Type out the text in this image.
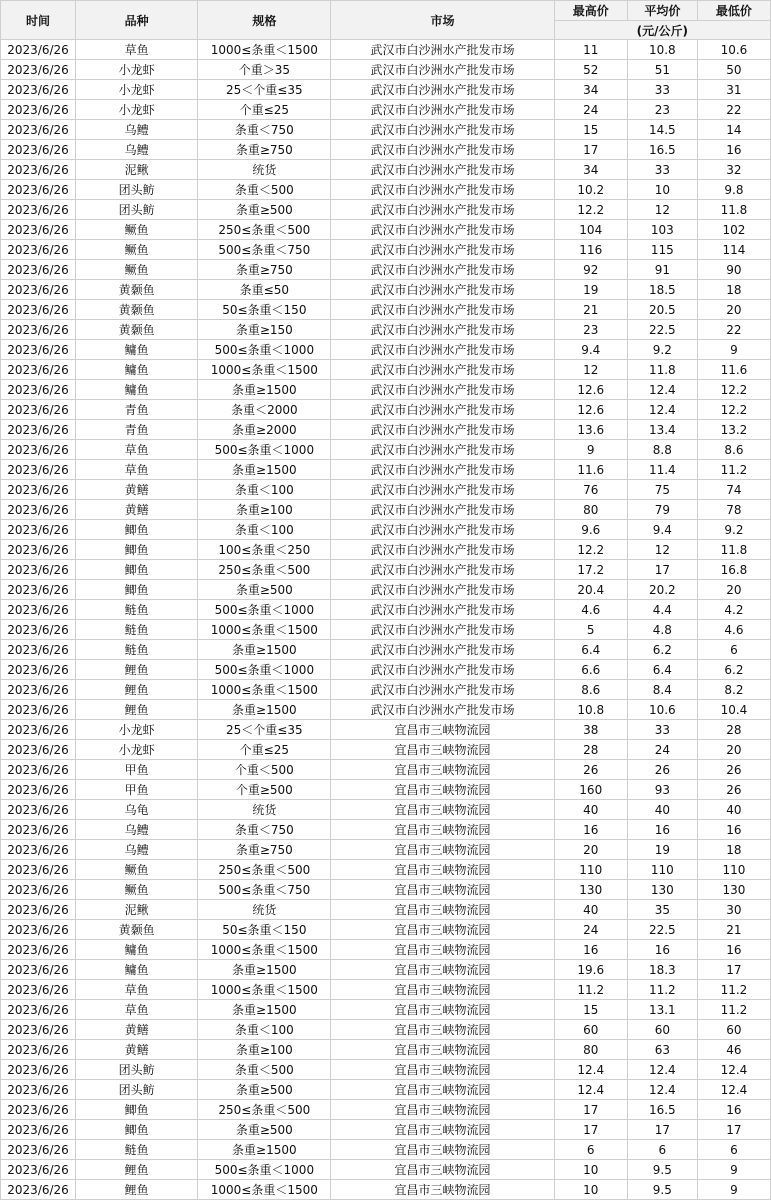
时间	品种	规格	市场	最高价	平均价	最低价
				(元/公斤)		
2023/6/26	草鱼	1000≤条重＜1500	武汉市白沙洲水产批发市场	11	10.8	10.6
2023/6/26	小龙虾	个重＞35	武汉市白沙洲水产批发市场	52	51	50
2023/6/26	小龙虾	25＜个重≤35	武汉市白沙洲水产批发市场	34	33	31
2023/6/26	小龙虾	个重≤25	武汉市白沙洲水产批发市场	24	23	22
2023/6/26	乌鳢	条重＜750	武汉市白沙洲水产批发市场	15	14.5	14
2023/6/26	乌鳢	条重≥750	武汉市白沙洲水产批发市场	17	16.5	16
2023/6/26	泥鳅	统货	武汉市白沙洲水产批发市场	34	33	32
2023/6/26	团头鲂	条重＜500	武汉市白沙洲水产批发市场	10.2	10	9.8
2023/6/26	团头鲂	条重≥500	武汉市白沙洲水产批发市场	12.2	12	11.8
2023/6/26	鳜鱼	250≤条重＜500	武汉市白沙洲水产批发市场	104	103	102
2023/6/26	鳜鱼	500≤条重＜750	武汉市白沙洲水产批发市场	116	115	114
2023/6/26	鳜鱼	条重≥750	武汉市白沙洲水产批发市场	92	91	90
2023/6/26	黄颡鱼	条重≤50	武汉市白沙洲水产批发市场	19	18.5	18
2023/6/26	黄颡鱼	50≤条重＜150	武汉市白沙洲水产批发市场	21	20.5	20
2023/6/26	黄颡鱼	条重≥150	武汉市白沙洲水产批发市场	23	22.5	22
2023/6/26	鳙鱼	500≤条重＜1000	武汉市白沙洲水产批发市场	9.4	9.2	9
2023/6/26	鳙鱼	1000≤条重＜1500	武汉市白沙洲水产批发市场	12	11.8	11.6
2023/6/26	鳙鱼	条重≥1500	武汉市白沙洲水产批发市场	12.6	12.4	12.2
2023/6/26	青鱼	条重＜2000	武汉市白沙洲水产批发市场	12.6	12.4	12.2
2023/6/26	青鱼	条重≥2000	武汉市白沙洲水产批发市场	13.6	13.4	13.2
2023/6/26	草鱼	500≤条重＜1000	武汉市白沙洲水产批发市场	9	8.8	8.6
2023/6/26	草鱼	条重≥1500	武汉市白沙洲水产批发市场	11.6	11.4	11.2
2023/6/26	黄鳝	条重＜100	武汉市白沙洲水产批发市场	76	75	74
2023/6/26	黄鳝	条重≥100	武汉市白沙洲水产批发市场	80	79	78
2023/6/26	鲫鱼	条重＜100	武汉市白沙洲水产批发市场	9.6	9.4	9.2
2023/6/26	鲫鱼	100≤条重＜250	武汉市白沙洲水产批发市场	12.2	12	11.8
2023/6/26	鲫鱼	250≤条重＜500	武汉市白沙洲水产批发市场	17.2	17	16.8
2023/6/26	鲫鱼	条重≥500	武汉市白沙洲水产批发市场	20.4	20.2	20
2023/6/26	鲢鱼	500≤条重＜1000	武汉市白沙洲水产批发市场	4.6	4.4	4.2
2023/6/26	鲢鱼	1000≤条重＜1500	武汉市白沙洲水产批发市场	5	4.8	4.6
2023/6/26	鲢鱼	条重≥1500	武汉市白沙洲水产批发市场	6.4	6.2	6
2023/6/26	鲤鱼	500≤条重＜1000	武汉市白沙洲水产批发市场	6.6	6.4	6.2
2023/6/26	鲤鱼	1000≤条重＜1500	武汉市白沙洲水产批发市场	8.6	8.4	8.2
2023/6/26	鲤鱼	条重≥1500	武汉市白沙洲水产批发市场	10.8	10.6	10.4
2023/6/26	小龙虾	25＜个重≤35	宜昌市三峡物流园	38	33	28
2023/6/26	小龙虾	个重≤25	宜昌市三峡物流园	28	24	20
2023/6/26	甲鱼	个重＜500	宜昌市三峡物流园	26	26	26
2023/6/26	甲鱼	个重≥500	宜昌市三峡物流园	160	93	26
2023/6/26	乌龟	统货	宜昌市三峡物流园	40	40	40
2023/6/26	乌鳢	条重＜750	宜昌市三峡物流园	16	16	16
2023/6/26	乌鳢	条重≥750	宜昌市三峡物流园	20	19	18
2023/6/26	鳜鱼	250≤条重＜500	宜昌市三峡物流园	110	110	110
2023/6/26	鳜鱼	500≤条重＜750	宜昌市三峡物流园	130	130	130
2023/6/26	泥鳅	统货	宜昌市三峡物流园	40	35	30
2023/6/26	黄颡鱼	50≤条重＜150	宜昌市三峡物流园	24	22.5	21
2023/6/26	鳙鱼	1000≤条重＜1500	宜昌市三峡物流园	16	16	16
2023/6/26	鳙鱼	条重≥1500	宜昌市三峡物流园	19.6	18.3	17
2023/6/26	草鱼	1000≤条重＜1500	宜昌市三峡物流园	11.2	11.2	11.2
2023/6/26	草鱼	条重≥1500	宜昌市三峡物流园	15	13.1	11.2
2023/6/26	黄鳝	条重＜100	宜昌市三峡物流园	60	60	60
2023/6/26	黄鳝	条重≥100	宜昌市三峡物流园	80	63	46
2023/6/26	团头鲂	条重＜500	宜昌市三峡物流园	12.4	12.4	12.4
2023/6/26	团头鲂	条重≥500	宜昌市三峡物流园	12.4	12.4	12.4
2023/6/26	鲫鱼	250≤条重＜500	宜昌市三峡物流园	17	16.5	16
2023/6/26	鲫鱼	条重≥500	宜昌市三峡物流园	17	17	17
2023/6/26	鲢鱼	条重≥1500	宜昌市三峡物流园	6	6	6
2023/6/26	鲤鱼	500≤条重＜1000	宜昌市三峡物流园	10	9.5	9
2023/6/26	鲤鱼	1000≤条重＜1500	宜昌市三峡物流园	10	9.5	9
